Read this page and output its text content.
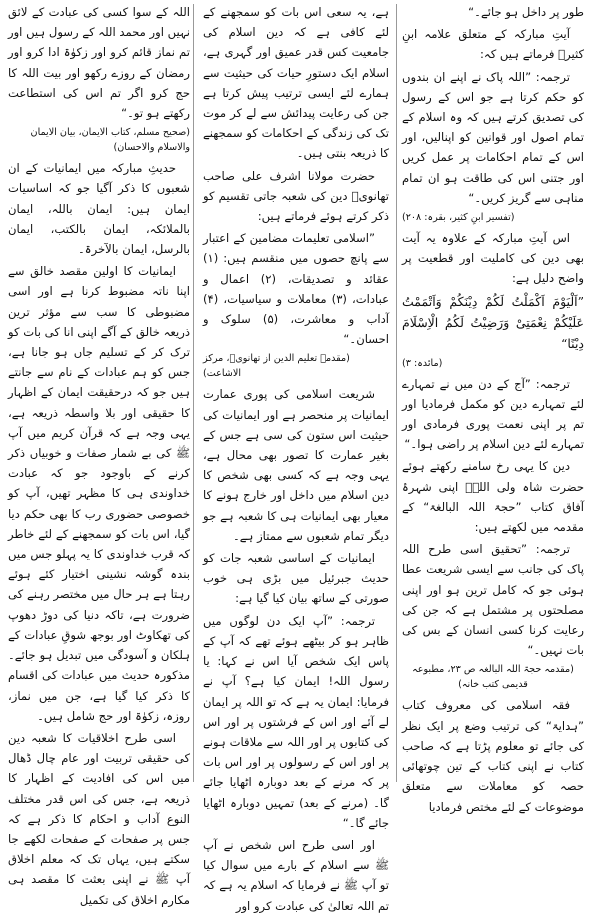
طور پر داخل ہو جائے۔“

آیتِ مبارکہ کے متعلق علامہ ابنِ کثیرؒ فرماتے ہیں کہ:

ترجمہ: ”اللہ پاک نے اپنے ان بندوں کو حکم کرتا ہے جو اس کے رسول کی تصدیق کرتے ہیں کہ وہ اسلام کے تمام اصول اور قوانین کو اپنالیں، اور اس کے تمام احکامات پر عمل کریں اور جتنی اس کی طاقت ہو ان تمام مناہی سے گریز کریں۔“

(تفسیر ابنِ کثیر، بقرہ: ۲۰۸)

اس آیتِ مبارکہ کے علاوہ یہ آیت بھی دین کی کاملیت اور قطعیت پر واضح دلیل ہے:

”اَلْیَوْمَ اَکْمَلْتُ لَکُمْ دِیْنَکُمْ وَاَتْمَمْتُ عَلَیْکُمْ نِعْمَتِیْ وَرَضِیْتُ لَکُمُ الْاِسْلَامَ دِیْنًا“

(مائدہ: ۳)

ترجمہ: ”آج کے دن میں نے تمہارے لئے تمہارے دین کو مکمل فرمادیا اور تم پر اپنی نعمت پوری فرمادی اور تمہارے لئے دین اسلام پر راضی ہوا۔“

دین کا یہی رخ سامنے رکھتے ہوئے حضرت شاہ ولی اللہؒ اپنی شہرۂ آفاق کتاب ”حجۃ اللہ البالغۃ“ کے مقدمہ میں لکھتے ہیں:

ترجمہ: ”تحقیق اسی طرح اللہ پاک کی جانب سے ایسی شریعت عطا ہوئی جو کہ کامل ترین ہو اور اپنی مصلحتوں پر مشتمل ہے کہ جن کی رعایت کرنا کسی انسان کے بس کی بات نہیں۔“

(مقدمہ حجۃ اللہ البالغہ ص ۲۳، مطبوعہ قدیمی کتب خانہ)

فقہ اسلامی کی معروف کتاب ”ہدایۃ“ کی ترتیب وضع پر ایک نظر کی جائے تو معلوم پڑتا ہے کہ صاحب کتاب نے اپنی کتاب کے تین چوتھائی حصہ کو معاملات سے متعلق موضوعات کے لئے مختص فرمادیا

ہے، یہ سعی اس بات کو سمجھنے کے لئے کافی ہے کہ دین اسلام کی جامعیت کس قدر عمیق اور گہری ہے، اسلام ایک دستورِ حیات کی حیثیت سے ہمارے لئے ایسی ترتیب پیش کرتا ہے جن کی رعایت پیدائش سے لے کر موت تک کی زندگی کے احکامات کو سمجھنے کا ذریعہ بنتی ہیں۔

حضرت مولانا اشرف علی صاحب تھانویؒ دین کی شعبہ جاتی تقسیم کو ذکر کرتے ہوئے فرماتے ہیں:

”اسلامی تعلیمات مضامین کے اعتبار سے پانچ حصوں میں منقسم ہیں: (۱) عقائد و تصدیقات، (۲) اعمال و عبادات، (۳) معاملات و سیاسیات، (۴) آداب و معاشرت، (۵) سلوک و احسان۔“

(مقدمہ تعلیم الدین از تھانویؒ، مرکز الاشاعت)

شریعت اسلامی کی پوری عمارت ایمانیات پر منحصر ہے اور ایمانیات کی حیثیت اس ستون کی سی ہے جس کے بغیر عمارت کا تصور بھی محال ہے، یہی وجہ ہے کہ کسی بھی شخص کا دین اسلام میں داخل اور خارج ہونے کا معیار بھی ایمانیات ہی کا شعبہ ہے جو دیگر تمام شعبوں سے ممتاز ہے۔

ایمانیات کے اساسی شعبہ جات کو حدیث جبرئیل میں بڑی ہی خوب صورتی کے ساتھ بیان کیا گیا ہے:

ترجمہ: ”آپ ایک دن لوگوں میں ظاہر ہو کر بیٹھے ہوئے تھے کہ آپ کے پاس ایک شخص آیا اس نے کہا: یا رسول اللہ! ایمان کیا ہے؟ آپ نے فرمایا: ایمان یہ ہے کہ تو اللہ پر ایمان لے آئے اور اس کے فرشتوں پر اور اس کی کتابوں پر اور اللہ سے ملاقات ہونے پر اور اس کے رسولوں پر اور اس بات پر کہ مرنے کے بعد دوبارہ اٹھایا جائے گا۔ (مرنے کے بعد) تمہیں دوبارہ اٹھایا جائے گا۔“

اور اسی طرح اس شخص نے آپ ﷺ سے اسلام کے بارے میں سوال کیا تو آپ ﷺ نے فرمایا کہ اسلام یہ ہے کہ تم اللہ تعالیٰ کی عبادت کرو اور

اللہ کے سوا کسی کی عبادت کے لائق نہیں اور محمد اللہ کے رسول ہیں اور تم نماز قائم کرو اور زکوٰۃ ادا کرو اور رمضان کے روزے رکھو اور بیت اللہ کا حج کرو اگر تم اس کی استطاعت رکھتے ہو تو۔“

(صحیح مسلم، کتاب الایمان، بیان الایمان والاسلام والاحسان)

حدیثِ مبارکہ میں ایمانیات کے ان شعبوں کا ذکر آگیا جو کہ اساسیات ایمان ہیں: ایمان باللہ، ایمان بالملائکہ، ایمان بالکتب، ایمان بالرسل، ایمان بالآخرۃ۔

ایمانیات کا اولین مقصد خالق سے اپنا ناتہ مضبوط کرنا ہے اور اسی مضبوطی کا سب سے مؤثر ترین ذریعہ خالق کے آگے اپنی انا کی بات کو ترک کر کے تسلیم جاں ہو جانا ہے، جس کو ہم عبادات کے نام سے جانتے ہیں جو کہ درحقیقت ایمان کے اظہار کا حقیقی اور بلا واسطہ ذریعہ ہے، یہی وجہ ہے کہ قرآن کریم میں آپ ﷺ کی بے شمار صفات و خوبیاں ذکر کرنے کے باوجود جو کہ عبادت خداوندی ہی کا مظہر تھیں، آپ کو خصوصی حضوری رب کا بھی حکم دیا گیا، اس بات کو سمجھنے کے لئے خاطر کہ قرب خداوندی کا یہ پہلو جس میں بندہ گوشہ نشینی اختیار کئے ہوئے رہتا ہے ہر حال میں مختصر رہنے کی ضرورت ہے، تاکہ دنیا کی دوڑ دھوپ کی تھکاوٹ اور بوجھ شوقِ عبادات کے ہلکان و آسودگی میں تبدیل ہو جائے۔ مذکورہ حدیث میں عبادات کی اقسام کا ذکر کیا گیا ہے، جن میں نماز، روزہ، زکوٰۃ اور حج شامل ہیں۔

اسی طرح اخلاقیات کا شعبہ دین کی حقیقی تربیت اور عام چال ڈھال میں اس کی افادیت کے اظہار کا ذریعہ ہے، جس کی اس قدر مختلف النوع آداب و احکام کا ذکر ہے کہ جس پر صفحات کے صفحات لکھے جا سکتے ہیں، یہاں تک کہ معلم اخلاق آپ ﷺ نے اپنی بعثت کا مقصد ہی مکارم اخلاق کی تکمیل
